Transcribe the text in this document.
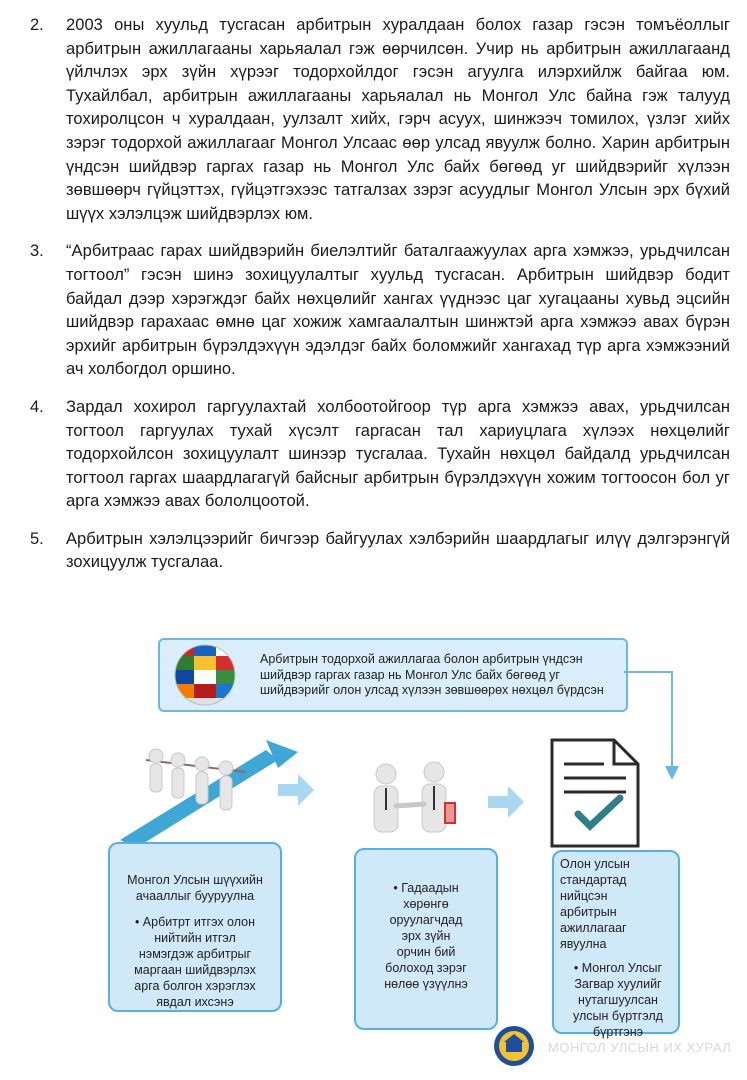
2. 2003 оны хуульд тусгасан арбитрын хуралдаан болох газар гэсэн томъёоллыг арбитрын ажиллагааны харьяалал гэж өөрчилсөн. Учир нь арбитрын ажиллагаанд үйлчлэх эрх зүйн хүрээг тодорхойлдог гэсэн агуулга илэрхийлж байгаа юм. Тухайлбал, арбитрын ажиллагааны харьяалал нь Монгол Улс байна гэж талууд тохиролцсон ч хуралдаан, уулзалт хийх, гэрч асуух, шинжээч томилох, үзлэг хийх зэрэг тодорхой ажиллагааг Монгол Улсаас өөр улсад явуулж болно. Харин арбитрын үндсэн шийдвэр гаргах газар нь Монгол Улс байх бөгөөд уг шийдвэрийг хүлээн зөвшөөрч гүйцэттэх, гүйцэтгэхээс татгалзах зэрэг асуудлыг Монгол Улсын эрх бүхий шүүх хэлэлцэж шийдвэрлэх юм.
3. “Арбитраас гарах шийдвэрийн биелэлтийг баталгаажуулах арга хэмжээ, урьдчилсан тогтоол” гэсэн шинэ зохицуулалтыг хуульд тусгасан. Арбитрын шийдвэр бодит байдал дээр хэрэгждэг байх нөхцөлийг хангах үүднээс цаг хугацааны хувьд эцсийн шийдвэр гарахаас өмнө цаг хожиж хамгаалалтын шинжтэй арга хэмжээ авах бүрэн эрхийг арбитрын бүрэлдэхүүн эдэлдэг байх боломжийг хангахад түр арга хэмжээний ач холбогдол оршино.
4. Зардал хохирол гаргуулахтай холбоотойгоор түр арга хэмжээ авах, урьдчилсан тогтоол гаргуулах тухай хүсэлт гаргасан тал хариуцлага хүлээх нөхцөлийг тодорхойлсон зохицуулалт шинээр тусгалаа. Тухайн нөхцөл байдалд урьдчилсан тогтоол гаргах шаардлагагүй байсныг арбитрын бүрэлдэхүүн хожим тогтоосон бол уг арга хэмжээ авах бололцоотой.
5. Арбитрын хэлэлцээрийг бичгээр байгуулах хэлбэрийн шаардлагыг илүү дэлгэрэнгүй зохицуулж тусгалаа.
Арбитрын тодорхой ажиллагаа болон арбитрын үндсэн шийдвэр гаргах газар нь Монгол Улс байх бөгөөд уг шийдвэрийг олон улсад хүлээн зөвшөөрөх нөхцөл бүрдсэн

Монгол Улсын шүүхийн ачааллыг бууруулна

• Арбитрт итгэх олон нийтийн итгэл нэмэгдэж арбитрыг маргаан шийдвэрлэх арга болгон хэрэглэх явдал ихсэнэ

• Гадаадын хөрөнгө оруулагчдад эрх зүйн орчин бий болоход зэрэг нөлөө үзүүлнэ

Олон улсын стандартад нийцсэн арбитрын ажиллагааг явуулна

• Монгол Улсыг Загвар хуулийг нутагшуулсан улсын бүртгэлд бүртгэнэ

МОНГОЛ УЛСЫН ИХ ХУРАЛ
